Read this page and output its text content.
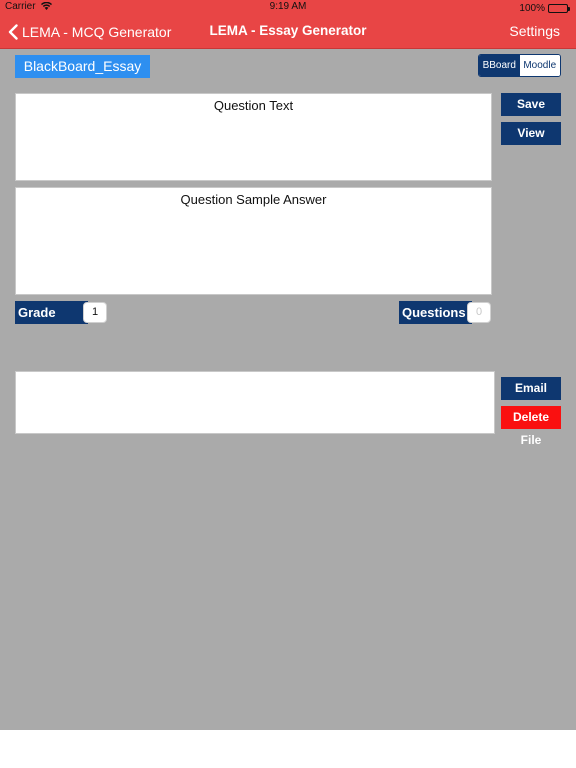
Carrier	9:19 AM	100%
LEMA - MCQ Generator	LEMA - Essay Generator	Settings
BlackBoard_Essay	BBoard Moodle
Question Text	Save
View
Question Sample Answer
Grade	1	Questions 0
Email
Delete File
